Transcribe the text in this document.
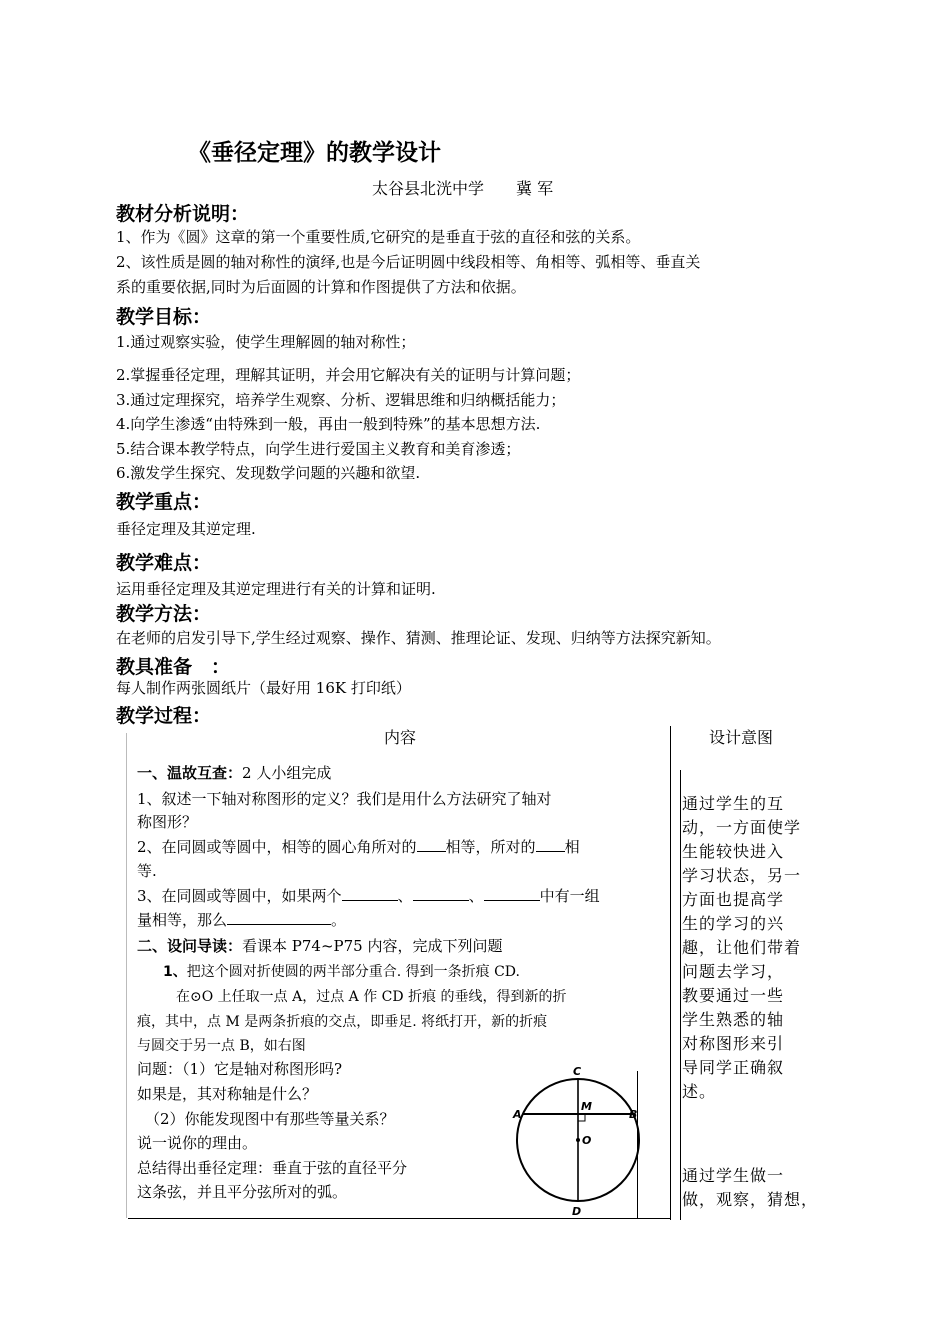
《垂径定理》的教学设计
太谷县北洸中学　　冀 军
教材分析说明：
1、作为《圆》这章的第一个重要性质,它研究的是垂直于弦的直径和弦的关系。
2、该性质是圆的轴对称性的演绎,也是今后证明圆中线段相等、角相等、弧相等、垂直关
系的重要依据,同时为后面圆的计算和作图提供了方法和依据。
教学目标：
1.通过观察实验，使学生理解圆的轴对称性；
2.掌握垂径定理，理解其证明，并会用它解决有关的证明与计算问题；
3.通过定理探究，培养学生观察、分析、逻辑思维和归纳概括能力；
4.向学生渗透“由特殊到一般，再由一般到特殊”的基本思想方法.
5.结合课本教学特点，向学生进行爱国主义教育和美育渗透；
6.激发学生探究、发现数学问题的兴趣和欲望.
教学重点：
垂径定理及其逆定理.
教学难点：
运用垂径定理及其逆定理进行有关的计算和证明.
教学方法：
在老师的启发引导下,学生经过观察、操作、猜测、推理论证、发现、归纳等方法探究新知。
教具准备　：
每人制作两张圆纸片（最好用 16K 打印纸）
教学过程：
内容	设计意图
一、温故互查：2 人小组完成
1、叙述一下轴对称图形的定义？我们是用什么方法研究了轴对
称图形？
2、在同圆或等圆中，相等的圆心角所对的 相等，所对的 相
等.
3、在同圆或等圆中，如果两个	、	、	中有一组
量相等，那么	。
二、设问导读：看课本 P74~P75 内容，完成下列问题
1、把这个圆对折使圆的两半部分重合. 得到一条折痕 CD.
在⊙O 上任取一点 A，过点 A 作 CD 折痕 的垂线，得到新的折
痕，其中，点 M 是两条折痕的交点，即垂足. 将纸打开，新的折痕
与圆交于另一点 B，如右图
问题：（1）它是轴对称图形吗?
如果是，其对称轴是什么？
（2）你能发现图中有那些等量关系？
说一说你的理由。
总结得出垂径定理：垂直于弦的直径平分
这条弦，并且平分弦所对的弧。
C
M
A	B
O
D
通过学生的互
动，一方面使学
生能较快进入
学习状态，另一
方面也提高学
生的学习的兴
趣，让他们带着
问题去学习，
教要通过一些
学生熟悉的轴
对称图形来引
导同学正确叙
述。
通过学生做一
做，观察，猜想，
